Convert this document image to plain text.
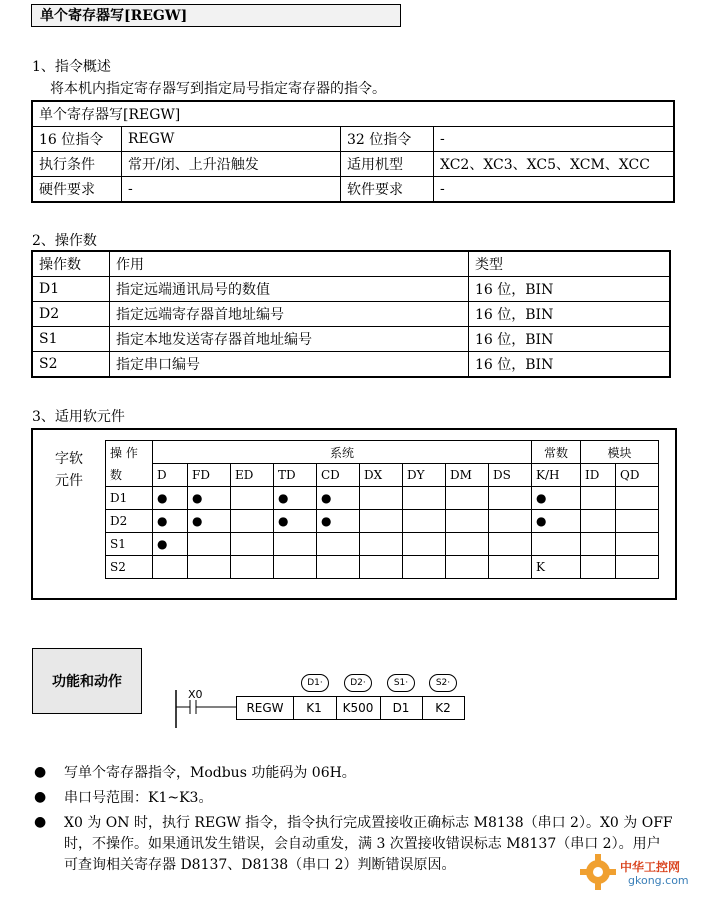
单个寄存器写[REGW]
1、指令概述
将本机内指定寄存器写到指定局号指定寄存器的指令。
单个寄存器写[REGW]			
16 位指令	REGW	32 位指令	-
执行条件	常开/闭、上升沿触发	适用机型	XC2、XC3、XC5、XCM、XCC
硬件要求	-	软件要求	-
2、操作数
操作数	作用	类型
D1	指定远端通讯局号的数值	16 位，BIN
D2	指定远端寄存器首地址编号	16 位，BIN
S1	指定本地发送寄存器首地址编号	16 位，BIN
S2	指定串口编号	16 位，BIN
3、适用软元件
字软
元件
操 作
数	系统									常数	模块	
	D	FD	ED	TD	CD	DX	DY	DM	DS	K/H	ID	QD
D1	●	●		●	●					●		
D2	●	●		●	●					●		
S1	●											
S2										K		
功能和动作
X0
REGW	K1	K500	D1	K2
D1·	D2·	S1·	S2·
● 写单个寄存器指令，Modbus 功能码为 06H。
● 串口号范围：K1~K3。
● X0 为 ON 时，执行 REGW 指令，指令执行完成置接收正确标志 M8138（串口 2）。X0 为 OFF 时，不操作。如果通讯发生错误，会自动重发，满 3 次置接收错误标志 M8137（串口 2）。用户可查询相关寄存器 D8137、D8138（串口 2）判断错误原因。	中华工控网
gkong.com
